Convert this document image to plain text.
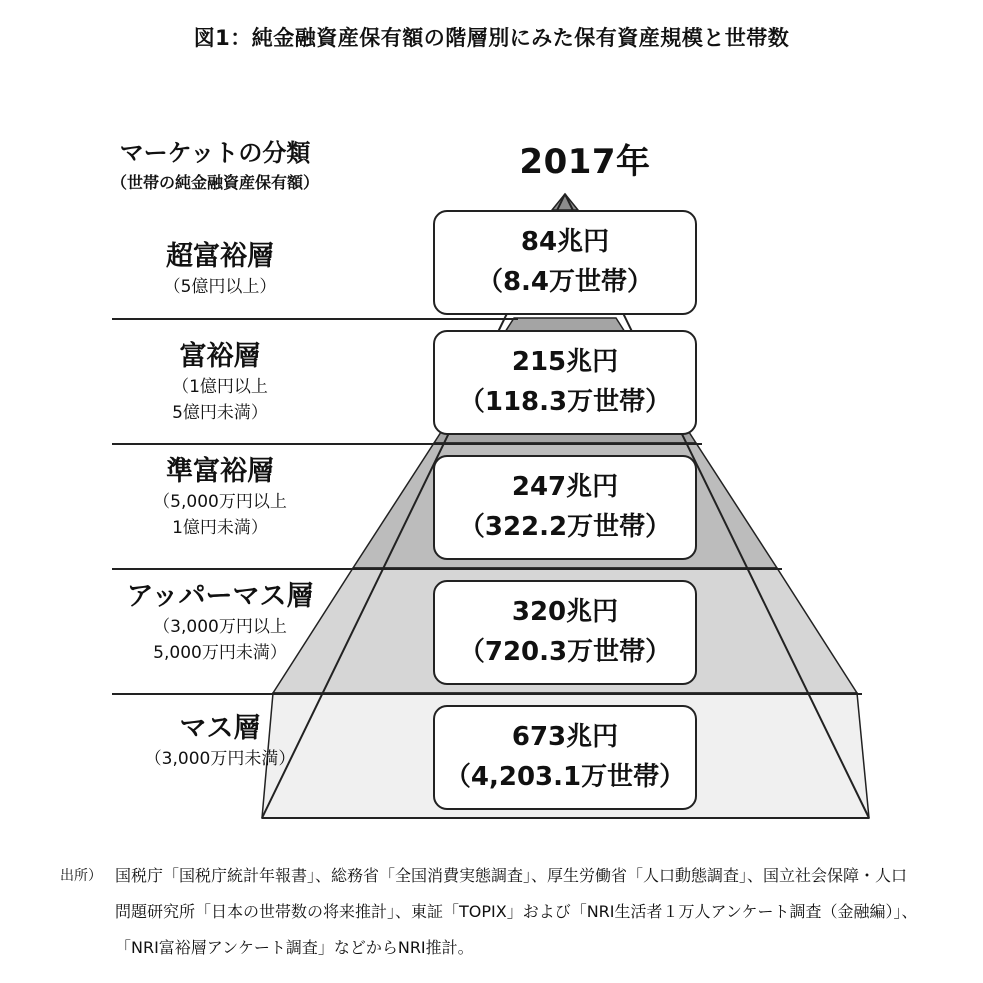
図1：純金融資産保有額の階層別にみた保有資産規模と世帯数
マーケットの分類
（世帯の純金融資産保有額）
2017年
超富裕層
（5億円以上）
富裕層
（1億円以上
5億円未満）
準富裕層
（5,000万円以上
1億円未満）
アッパーマス層
（3,000万円以上
5,000万円未満）
マス層
（3,000万円未満）
84兆円
（8.4万世帯）
215兆円
（118.3万世帯）
247兆円
（322.2万世帯）
320兆円
（720.3万世帯）
673兆円
（4,203.1万世帯）
出所） 国税庁「国税庁統計年報書」、総務省「全国消費実態調査」、厚生労働省「人口動態調査」、国立社会保障・人口問題研究所「日本の世帯数の将来推計」、東証「TOPIX」および「NRI生活者１万人アンケート調査（金融編）」、「NRI富裕層アンケート調査」などからNRI推計。
